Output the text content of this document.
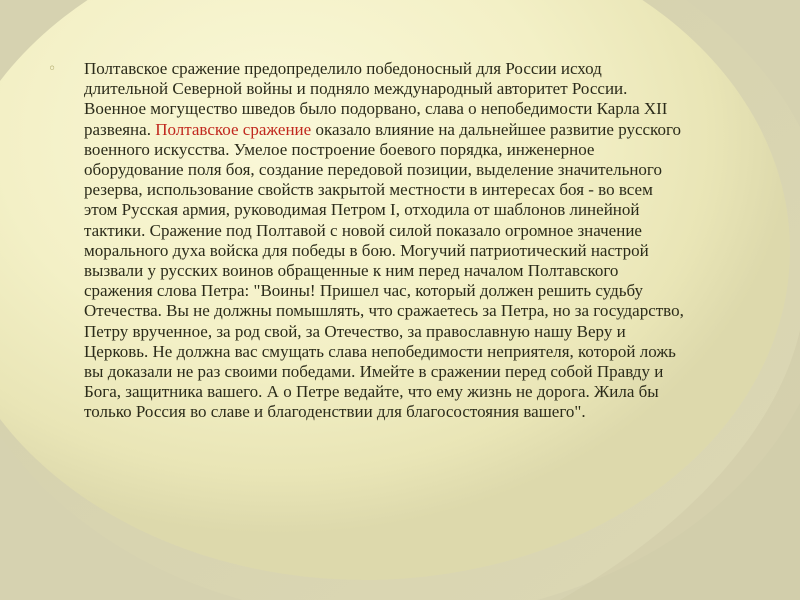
◦ Полтавское сражение предопределило победоносный для России исход длительной Северной войны и подняло международный авторитет России. Военное могущество шведов было подорвано, слава о непобедимости Карла XII развеяна. Полтавское сражение оказало влияние на дальнейшее развитие русского военного искусства. Умелое построение боевого порядка, инженерное оборудование поля боя, создание передовой позиции, выделение значительного резерва, использование свойств закрытой местности в интересах боя - во всем этом Русская армия, руководимая Петром I, отходила от шаблонов линейной тактики. Сражение под Полтавой с новой силой показало огромное значение морального духа войска для победы в бою. Могучий патриотический настрой вызвали у русских воинов обращенные к ним перед началом Полтавского сражения слова Петра: "Воины! Пришел час, который должен решить судьбу Отечества. Вы не должны помышлять, что сражаетесь за Петра, но за государство, Петру врученное, за род свой, за Отечество, за православную нашу Веру и Церковь. Не должна вас смущать слава непобедимости неприятеля, которой ложь вы доказали не раз своими победами. Имейте в сражении перед собой Правду и Бога, защитника вашего. А о Петре ведайте, что ему жизнь не дорога. Жила бы только Россия во славе и благоденствии для благосостояния вашего".
